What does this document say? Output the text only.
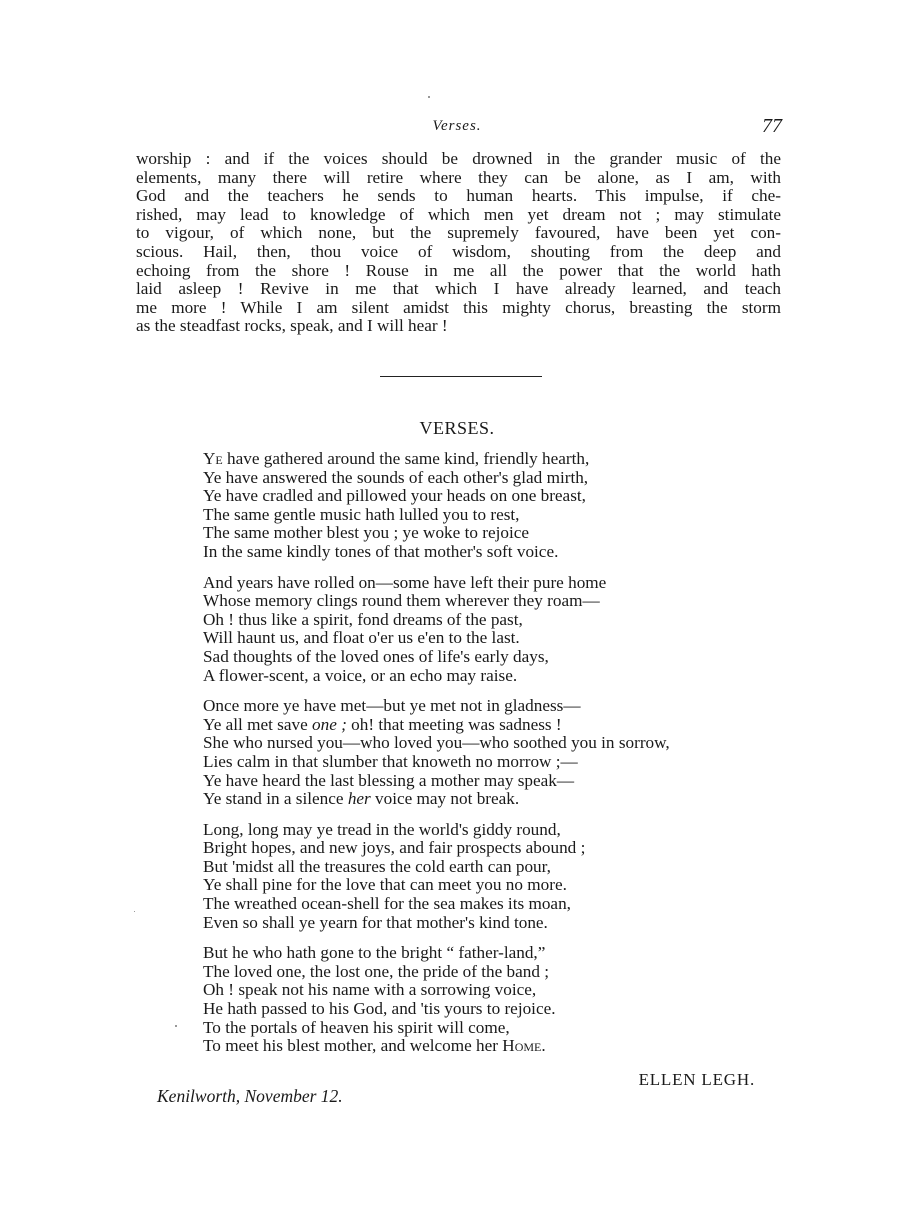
Verses.	77
worship : and if the voices should be drowned in the grander music of the
elements, many there will retire where they can be alone, as I am, with
God and the teachers he sends to human hearts. This impulse, if che-
rished, may lead to knowledge of which men yet dream not ; may stimulate
to vigour, of which none, but the supremely favoured, have been yet con-
scious. Hail, then, thou voice of wisdom, shouting from the deep and
echoing from the shore ! Rouse in me all the power that the world hath
laid asleep ! Revive in me that which I have already learned, and teach
me more ! While I am silent amidst this mighty chorus, breasting the storm
as the steadfast rocks, speak, and I will hear !
VERSES.
Ye have gathered around the same kind, friendly hearth,
Ye have answered the sounds of each other's glad mirth,
Ye have cradled and pillowed your heads on one breast,
The same gentle music hath lulled you to rest,
The same mother blest you ; ye woke to rejoice
In the same kindly tones of that mother's soft voice.
And years have rolled on—some have left their pure home
Whose memory clings round them wherever they roam—
Oh ! thus like a spirit, fond dreams of the past,
Will haunt us, and float o'er us e'en to the last.
Sad thoughts of the loved ones of life's early days,
A flower-scent, a voice, or an echo may raise.
Once more ye have met—but ye met not in gladness—
Ye all met save one ; oh! that meeting was sadness !
She who nursed you—who loved you—who soothed you in sorrow,
Lies calm in that slumber that knoweth no morrow ;—
Ye have heard the last blessing a mother may speak—
Ye stand in a silence her voice may not break.
Long, long may ye tread in the world's giddy round,
Bright hopes, and new joys, and fair prospects abound ;
But 'midst all the treasures the cold earth can pour,
Ye shall pine for the love that can meet you no more.
The wreathed ocean-shell for the sea makes its moan,
Even so shall ye yearn for that mother's kind tone.
But he who hath gone to the bright “ father-land,”
The loved one, the lost one, the pride of the band ;
Oh ! speak not his name with a sorrowing voice,
He hath passed to his God, and 'tis yours to rejoice.
To the portals of heaven his spirit will come,
To meet his blest mother, and welcome her Home.
ELLEN LEGH.
Kenilworth, November 12.
